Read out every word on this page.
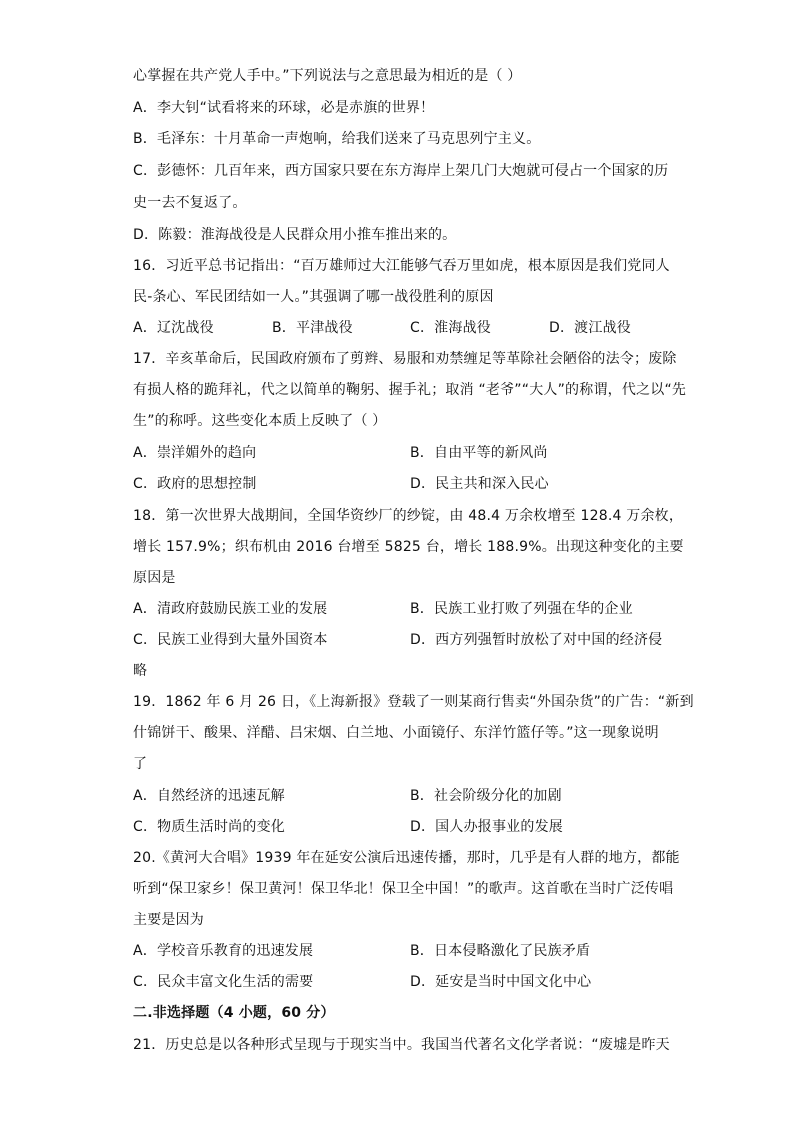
心掌握在共产党人手中。”下列说法与之意思最为相近的是（ ）
A．李大钊“试看将来的环球，必是赤旗的世界！
B．毛泽东：十月革命一声炮响，给我们送来了马克思列宁主义。
C．彭德怀：几百年来，西方国家只要在东方海岸上架几门大炮就可侵占一个国家的历
史一去不复返了。
D．陈毅：淮海战役是人民群众用小推车推出来的。
16．习近平总书记指出：“百万雄师过大江能够气吞万里如虎，根本原因是我们党同人
民-条心、军民团结如一人。”其强调了哪一战役胜利的原因
A．辽沈战役	B．平津战役	C．淮海战役	D．渡江战役
17．辛亥革命后，民国政府颁布了剪辫、易服和劝禁缠足等革除社会陋俗的法令；废除
有损人格的跪拜礼，代之以简单的鞠躬、握手礼；取消 “老爷”“大人”的称谓，代之以“先
生”的称呼。这些变化本质上反映了（ ）
A．崇洋媚外的趋向	B．自由平等的新风尚
C．政府的思想控制	D．民主共和深入民心
18．第一次世界大战期间，全国华资纱厂的纱锭，由 48.4 万余枚增至 128.4 万余枚，
增长 157.9%；织布机由 2016 台增至 5825 台，增长 188.9%。出现这种变化的主要
原因是
A．清政府鼓励民族工业的发展	B．民族工业打败了列强在华的企业
C．民族工业得到大量外国资本	D．西方列强暂时放松了对中国的经济侵
略
19．1862 年 6 月 26 日，《上海新报》登载了一则某商行售卖“外国杂货”的广告：“新到
什锦饼干、酸果、洋醋、吕宋烟、白兰地、小面镜仔、东洋竹篮仔等。”这一现象说明
了
A．自然经济的迅速瓦解	B．社会阶级分化的加剧
C．物质生活时尚的变化	D．国人办报事业的发展
20.《黄河大合唱》1939 年在延安公演后迅速传播，那时，几乎是有人群的地方，都能
听到“保卫家乡！保卫黄河！保卫华北！保卫全中国！”的歌声。这首歌在当时广泛传唱
主要是因为
A．学校音乐教育的迅速发展	B．日本侵略激化了民族矛盾
C．民众丰富文化生活的需要	D．延安是当时中国文化中心
二.非选择题（4 小题，60 分）
21．历史总是以各种形式呈现与于现实当中。我国当代著名文化学者说：“废墟是昨天
